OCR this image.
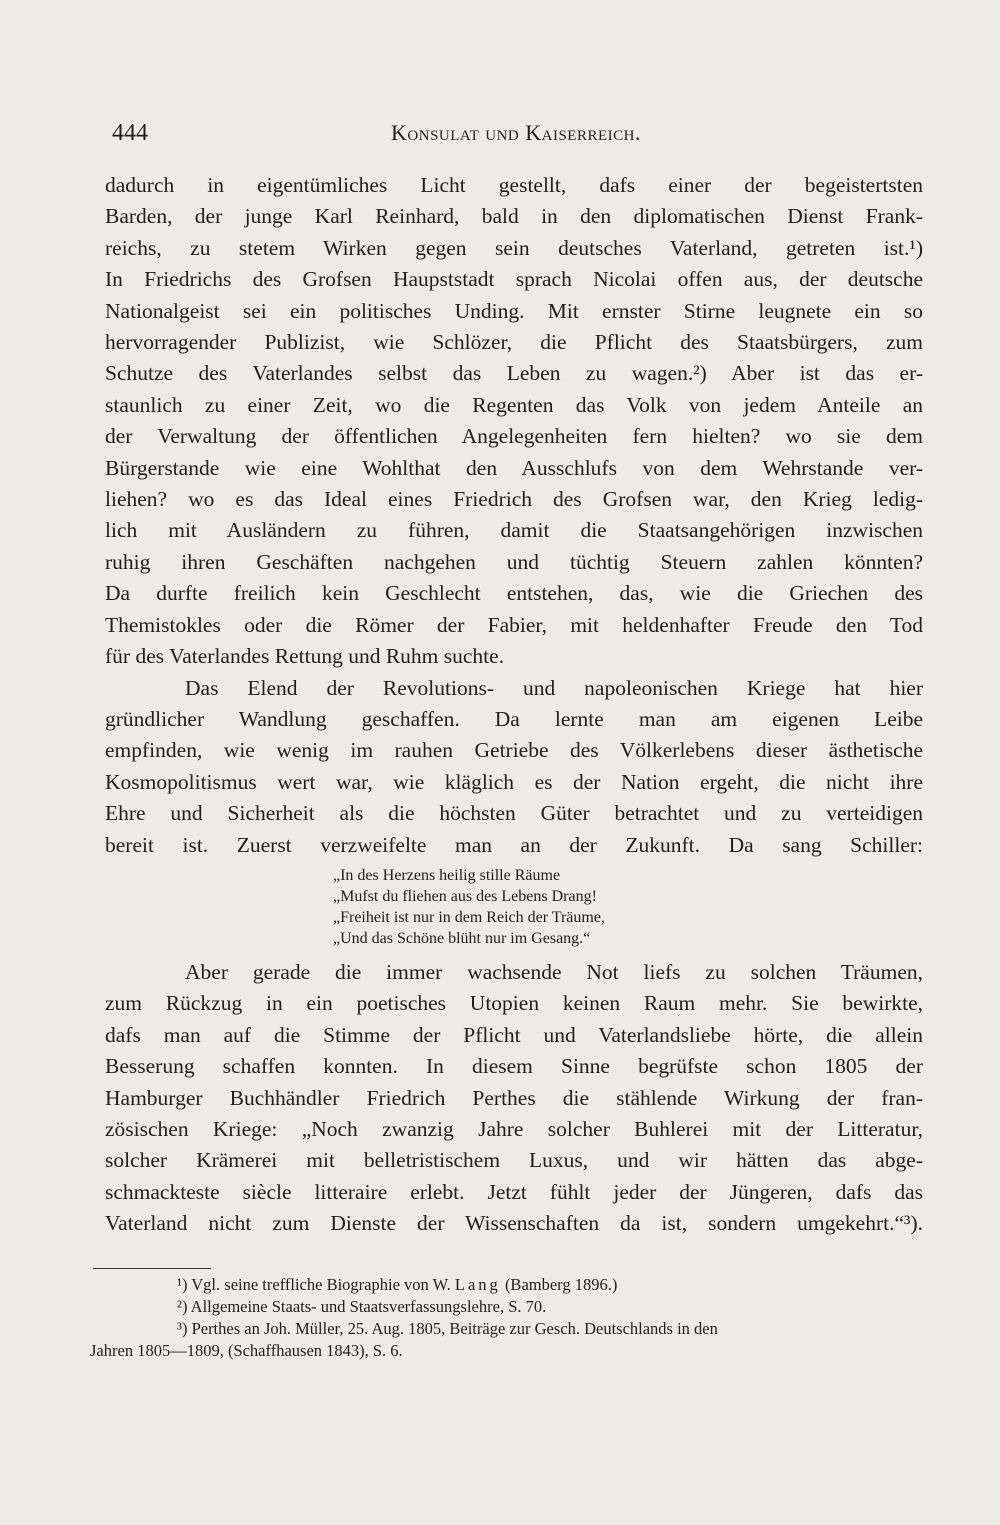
444	Konsulat und Kaiserreich.

dadurch in eigentümliches Licht gestellt, dafs einer der begeistertsten
Barden, der junge Karl Reinhard, bald in den diplomatischen Dienst Frank-
reichs, zu stetem Wirken gegen sein deutsches Vaterland, getreten ist.¹)
In Friedrichs des Grofsen Haupststadt sprach Nicolai offen aus, der deutsche
Nationalgeist sei ein politisches Unding. Mit ernster Stirne leugnete ein so
hervorragender Publizist, wie Schlözer, die Pflicht des Staatsbürgers, zum
Schutze des Vaterlandes selbst das Leben zu wagen.²) Aber ist das er-
staunlich zu einer Zeit, wo die Regenten das Volk von jedem Anteile an
der Verwaltung der öffentlichen Angelegenheiten fern hielten? wo sie dem
Bürgerstande wie eine Wohlthat den Ausschlufs von dem Wehrstande ver-
liehen? wo es das Ideal eines Friedrich des Grofsen war, den Krieg ledig-
lich mit Ausländern zu führen, damit die Staatsangehörigen inzwischen
ruhig ihren Geschäften nachgehen und tüchtig Steuern zahlen könnten?
Da durfte freilich kein Geschlecht entstehen, das, wie die Griechen des
Themistokles oder die Römer der Fabier, mit heldenhafter Freude den Tod
für des Vaterlandes Rettung und Ruhm suchte.

Das Elend der Revolutions- und napoleonischen Kriege hat hier
gründlicher Wandlung geschaffen. Da lernte man am eigenen Leibe
empfinden, wie wenig im rauhen Getriebe des Völkerlebens dieser ästhetische
Kosmopolitismus wert war, wie kläglich es der Nation ergeht, die nicht ihre
Ehre und Sicherheit als die höchsten Güter betrachtet und zu verteidigen
bereit ist. Zuerst verzweifelte man an der Zukunft. Da sang Schiller:

„In des Herzens heilig stille Räume
„Mufst du fliehen aus des Lebens Drang!
„Freiheit ist nur in dem Reich der Träume,
„Und das Schöne blüht nur im Gesang.“

Aber gerade die immer wachsende Not liefs zu solchen Träumen,
zum Rückzug in ein poetisches Utopien keinen Raum mehr. Sie bewirkte,
dafs man auf die Stimme der Pflicht und Vaterlandsliebe hörte, die allein
Besserung schaffen konnten. In diesem Sinne begrüfste schon 1805 der
Hamburger Buchhändler Friedrich Perthes die stählende Wirkung der fran-
zösischen Kriege: „Noch zwanzig Jahre solcher Buhlerei mit der Litteratur,
solcher Krämerei mit belletristischem Luxus, und wir hätten das abge-
schmackteste siècle litteraire erlebt. Jetzt fühlt jeder der Jüngeren, dafs das
Vaterland nicht zum Dienste der Wissenschaften da ist, sondern umgekehrt.“³).

¹) Vgl. seine treffliche Biographie von W. Lang (Bamberg 1896.)
²) Allgemeine Staats- und Staatsverfassungslehre, S. 70.
³) Perthes an Joh. Müller, 25. Aug. 1805, Beiträge zur Gesch. Deutschlands in den
Jahren 1805—1809, (Schaffhausen 1843), S. 6.
